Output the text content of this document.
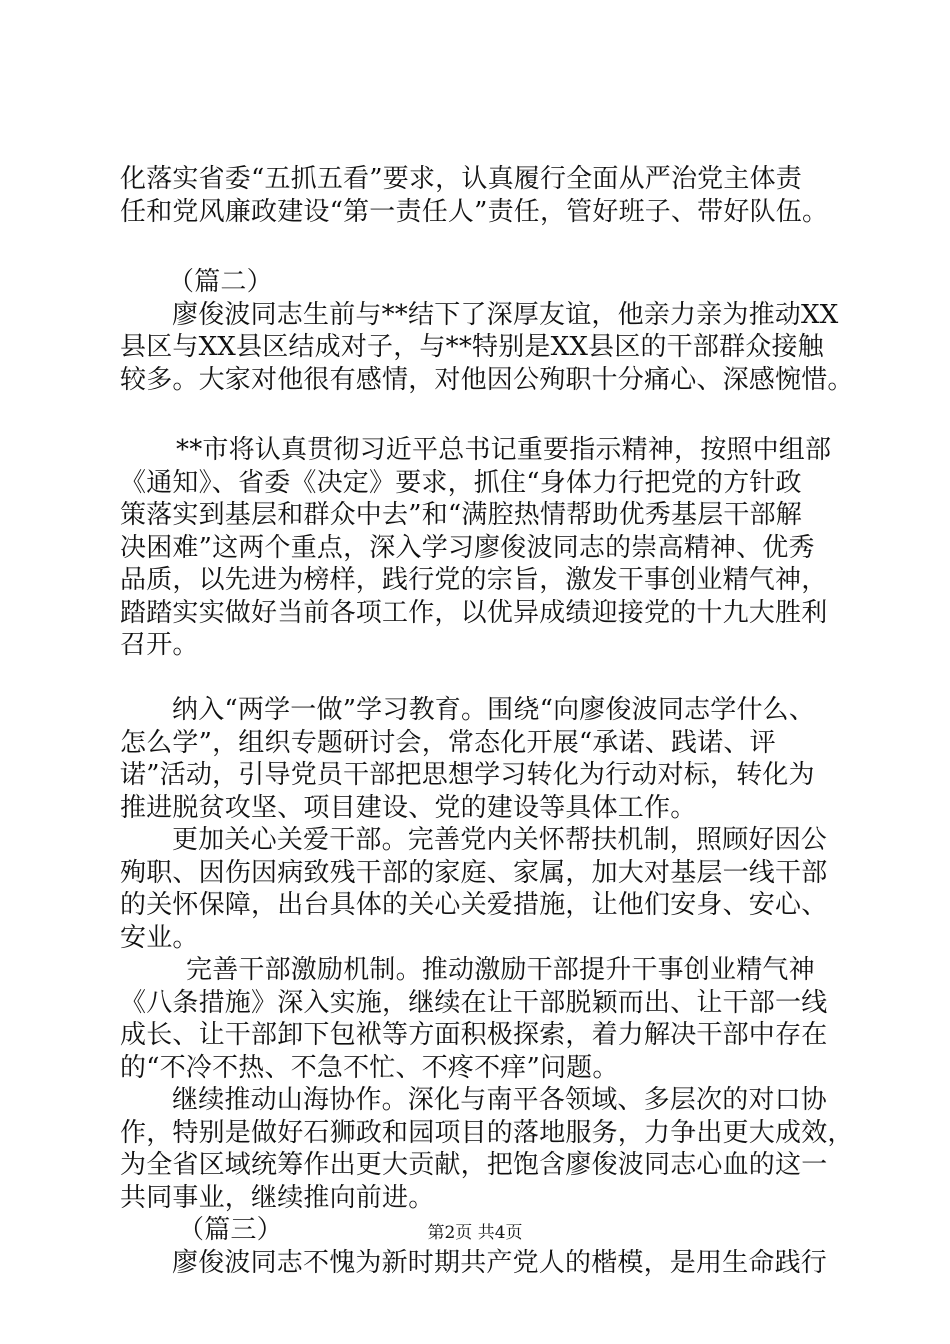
化落实省委“五抓五看”要求，认真履行全面从严治党主体责
任和党风廉政建设“第一责任人”责任，管好班子、带好队伍。
（篇二）
廖俊波同志生前与**结下了深厚友谊，他亲力亲为推动XX
县区与XX县区结成对子，与**特别是XX县区的干部群众接触
较多。大家对他很有感情，对他因公殉职十分痛心、深感惋惜。
**市将认真贯彻习近平总书记重要指示精神，按照中组部
《通知》、省委《决定》要求，抓住“身体力行把党的方针政
策落实到基层和群众中去”和“满腔热情帮助优秀基层干部解
决困难”这两个重点，深入学习廖俊波同志的崇高精神、优秀
品质，以先进为榜样，践行党的宗旨，激发干事创业精气神，
踏踏实实做好当前各项工作，以优异成绩迎接党的十九大胜利
召开。
纳入“两学一做”学习教育。围绕“向廖俊波同志学什么、
怎么学”，组织专题研讨会，常态化开展“承诺、践诺、评
诺”活动，引导党员干部把思想学习转化为行动对标，转化为
推进脱贫攻坚、项目建设、党的建设等具体工作。
更加关心关爱干部。完善党内关怀帮扶机制，照顾好因公
殉职、因伤因病致残干部的家庭、家属，加大对基层一线干部
的关怀保障，出台具体的关心关爱措施，让他们安身、安心、
安业。
完善干部激励机制。推动激励干部提升干事创业精气神
《八条措施》深入实施，继续在让干部脱颖而出、让干部一线
成长、让干部卸下包袱等方面积极探索，着力解决干部中存在
的“不冷不热、不急不忙、不疼不痒”问题。
继续推动山海协作。深化与南平各领域、多层次的对口协
作，特别是做好石狮政和园项目的落地服务，力争出更大成效，
为全省区域统筹作出更大贡献，把饱含廖俊波同志心血的这一
共同事业，继续推向前进。
（篇三）
廖俊波同志不愧为新时期共产党人的楷模，是用生命践行
第2页 共4页
